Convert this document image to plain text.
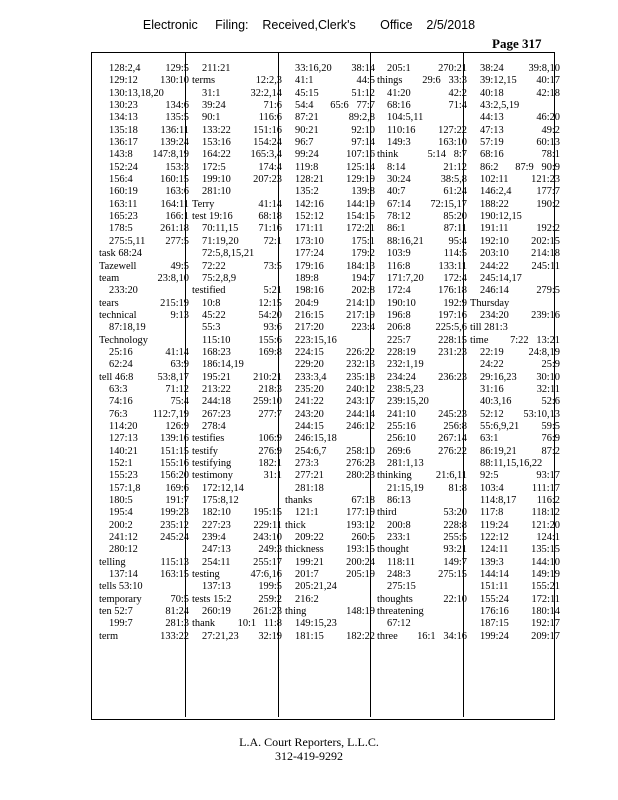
Electronic     Filing:    Received,Clerk's       Office    2/5/2018
Page 317
128:2,4 129:5
129:12 130:10
130:13,18,20
130:23	134:6
134:13	135:5
135:18 136:11
136:17 139:24
143:8 147:8,19
152:24	153:3
156:4	160:15
160:19	163:6
163:11 164:11
165:23	166:1
178:5	261:18
275:5,11 277:5
task 68:24
Tazewell	49:5
team	23:8,10
233:20
tears	215:19
technical	9:13
87:18,19
Technology
25:16	41:14
62:24	63:9
tell 46:8 53:8,17
63:3	71:12
74:16	75:4
76:3 112:7,19
114:20	126:9
127:13 139:16
140:21 151:15
152:1	155:16
155:23 156:20
157:1,8 169:6
180:5	191:7
195:4	199:23
200:2	235:12
241:12 245:24
280:12
telling	115:13
137:14 163:15
tells 53:10
temporary	70:5
ten 52:7	81:24
199:7	281:3
term	133:22
211:21
terms	12:2,3
31:1	32:2,14
39:24	71:6
90:1	116:6
133:22 151:16
153:16 154:24
164:22 165:3,4
172:5	174:4
199:10 207:23
281:10
Terry	41:14
test 19:16 68:18
70:11,15 71:16
71:19,20 72:1
72:5,8,15,21
72:22	73:5
75:2,8,9
testified	5:21
10:8	12:15
45:22	54:20
55:3	93:6
115:10	155:6
168:23	169:8
186:14,19
195:21 210:21
213:22	218:3
244:18 259:10
267:23	277:7
278:4
testifies	106:9
testify	276:9
testifying	182:1
testimony	31:1
172:12,14
175:8,12
182:10 195:15
227:23 229:11
239:4	243:10
247:13	249:3
254:11 255:17
testing	47:6,16
137:13	199:5
tests 15:2	259:2
260:19 261:23
thank 10:1   11:8
27:21,23 32:19
33:16,20 38:14
41:1	44:5
45:15	51:12
54:4 65:6   77:7
87:21	89:2,8
90:21	92:10
96:7	97:14
99:24	107:16
119:8	125:14
128:21 129:19
135:2	139:8
142:16 144:19
152:12 154:15
171:11 172:21
173:10	175:1
177:24	179:2
179:16 184:13
189:8	194:7
198:16	202:8
204:9	214:10
216:15 217:19
217:20	223:4
223:15,16
224:15 226:22
229:20 232:13
233:3,4 235:18
235:20 240:12
241:22 243:17
243:20 244:14
244:15 246:12
246:15,18
254:6,7 258:10
273:3	276:23
277:21 280:23
281:18
thanks	67:18
121:1	177:19
thick	193:12
209:22	260:5
thickness 193:15
199:21 200:24
201:7	205:19
205:21,24
216:2
thing	148:19
149:15,23
181:15 182:22
205:1	270:21
things 29:6   33:3
41:20	42:2
68:16	71:4
104:5,11
110:16 127:22
149:3	163:10
think	5:14   8:7
8:14	21:12
30:24	38:5,8
40:7	61:24
67:14 72:15,17
78:12	85:20
86:1	87:11
88:16,21 95:4
103:9	114:5
116:8	133:11
171:7,20 172:4
172:4	176:18
190:10	192:9
196:8	197:16
206:8 225:5,6
225:7	228:15
228:19 231:23
232:1,19
234:24 236:23
238:5,23
239:15,20
241:10 245:23
255:16	256:8
256:10 267:14
269:6	276:22
281:1,13
thinking 21:6,11
21:15,19 81:8
86:13
third	53:20
200:8	228:8
233:1	255:5
thought	93:21
118:11	149:7
248:3	275:15
275:15
thoughts	22:10
threatening
67:12
three 16:1   34:16
38:24 39:8,10
39:12,15 40:17
40:18	42:18
43:2,5,19
44:13	46:20
47:13	49:2
57:19	60:13
68:16	78:1
86:2 87:9   90:9
102:11 121:23
146:2,4 177:7
188:22	190:2
190:12,15
191:11	192:2
192:10 202:15
203:10 214:18
244:22 245:11
245:14,17
246:14	279:5
Thursday
234:20 239:16
till 281:3
time 7:22   13:21
22:19 24:8,19
24:22	25:9
29:16,23 30:10
31:16	32:11
40:3,16	52:6
52:12 53:10,13
55:6,9,21 59:5
63:1	76:9
86:19,21 87:2
88:11,15,16,22
92:5	93:17
103:4	111:17
114:8,17 116:2
117:8	118:12
119:24 121:20
122:12	124:1
124:11 135:15
139:3	144:10
144:14 149:19
151:11 155:21
155:24 172:11
176:16 180:14
187:15 192:17
199:24 209:17
L.A. Court Reporters, L.L.C.
312-419-9292
